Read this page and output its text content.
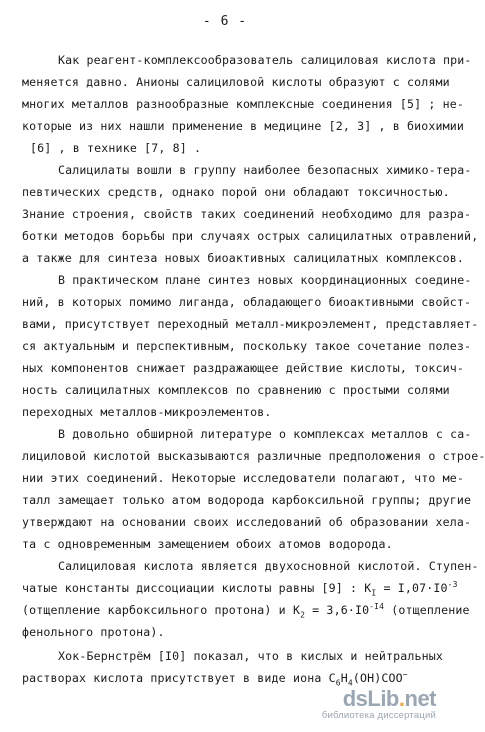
- 6 -
Как реагент-комплексообразователь салициловая кислота при-
меняется давно. Анионы салициловой кислоты образуют с солями
многих металлов разнообразные комплексные соединения [5] ; не-
которые из них нашли применение в медицине [2, 3] , в биохимии
[6] , в технике [7, 8] .
Салицилаты вошли в группу наиболее безопасных химико-тера-
певтических средств, однако порой они обладают токсичностью.
Знание строения, свойств таких соединений необходимо для разра-
ботки методов борьбы при случаях острых салицилатных отравлений,
а также для синтеза новых биоактивных салицилатных комплексов.
В практическом плане синтез новых координационных соедине-
ний, в которых помимо лиганда, обладающего биоактивными свойст-
вами, присутствует переходный металл-микроэлемент, представляет-
ся актуальным и перспективным, поскольку такое сочетание полез-
ных компонентов снижает раздражающее действие кислоты, токсич-
ность салицилатных комплексов по сравнению с простыми солями
переходных металлов-микроэлементов.
В довольно обширной литературе о комплексах металлов с са-
лициловой кислотой высказываются различные предположения о строе-
нии этих соединений. Некоторые исследователи полагают, что ме-
талл замещает только атом водорода карбоксильной группы; другие
утверждают на основании своих исследований об образовании хела-
та с одновременным замещением обоих атомов водорода.
Салициловая кислота является двухосновной кислотой. Ступен-
чатые константы диссоциации кислоты равны [9] : $K_I = I,07\cdot I0^{-3}$
(отщепление карбоксильного протона) и $K_2 = 3,6\cdot I0^{-I4}$ (отщепление
фенольного протона).
Хок-Бернстрём [I0] показал, что в кислых и нейтральных
растворах кислота присутствует в виде иона $C_6H_4(OH)COO^-$
dsLib.net
библиотека диссертаций
